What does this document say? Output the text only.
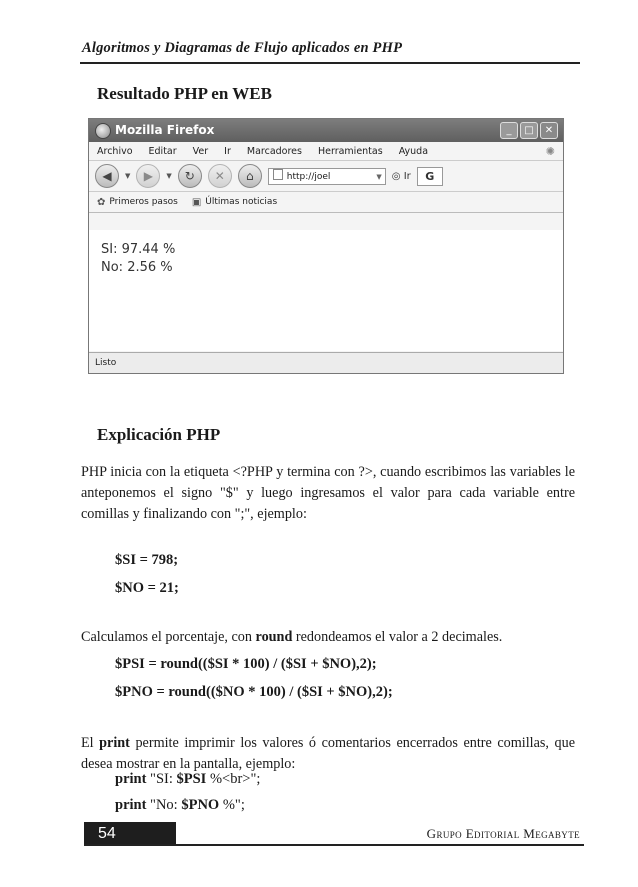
Algoritmos y Diagramas de Flujo aplicados en PHP
Resultado PHP en WEB
Mozilla Firefox	_	□	✕
Archivo Editar Ver Ir Marcadores Herramientas Ayuda	✺
◀	▼	▶	▼	↻	✕	⌂	http://joel	▼ ◎ Ir	G
✿ Primeros pasos ▣ Últimas noticias
SI: 97.44 %
No: 2.56 %
Listo
Explicación PHP
PHP inicia con la etiqueta <?PHP y termina con ?>, cuando escribimos las variables le anteponemos el signo "$" y luego ingresamos el valor para cada variable entre comillas y finalizando con ";", ejemplo:
$SI = 798;
$NO = 21;
Calculamos el porcentaje, con round redondeamos el valor a 2 decimales.
$PSI = round(($SI * 100) / ($SI + $NO),2);
$PNO = round(($NO * 100) / ($SI + $NO),2);
El print permite imprimir los valores ó comentarios encerrados entre comillas, que desea mostrar en la pantalla, ejemplo:
print "SI: $PSI %<br>";
print "No: $PNO %";
54	Grupo Editorial Megabyte
